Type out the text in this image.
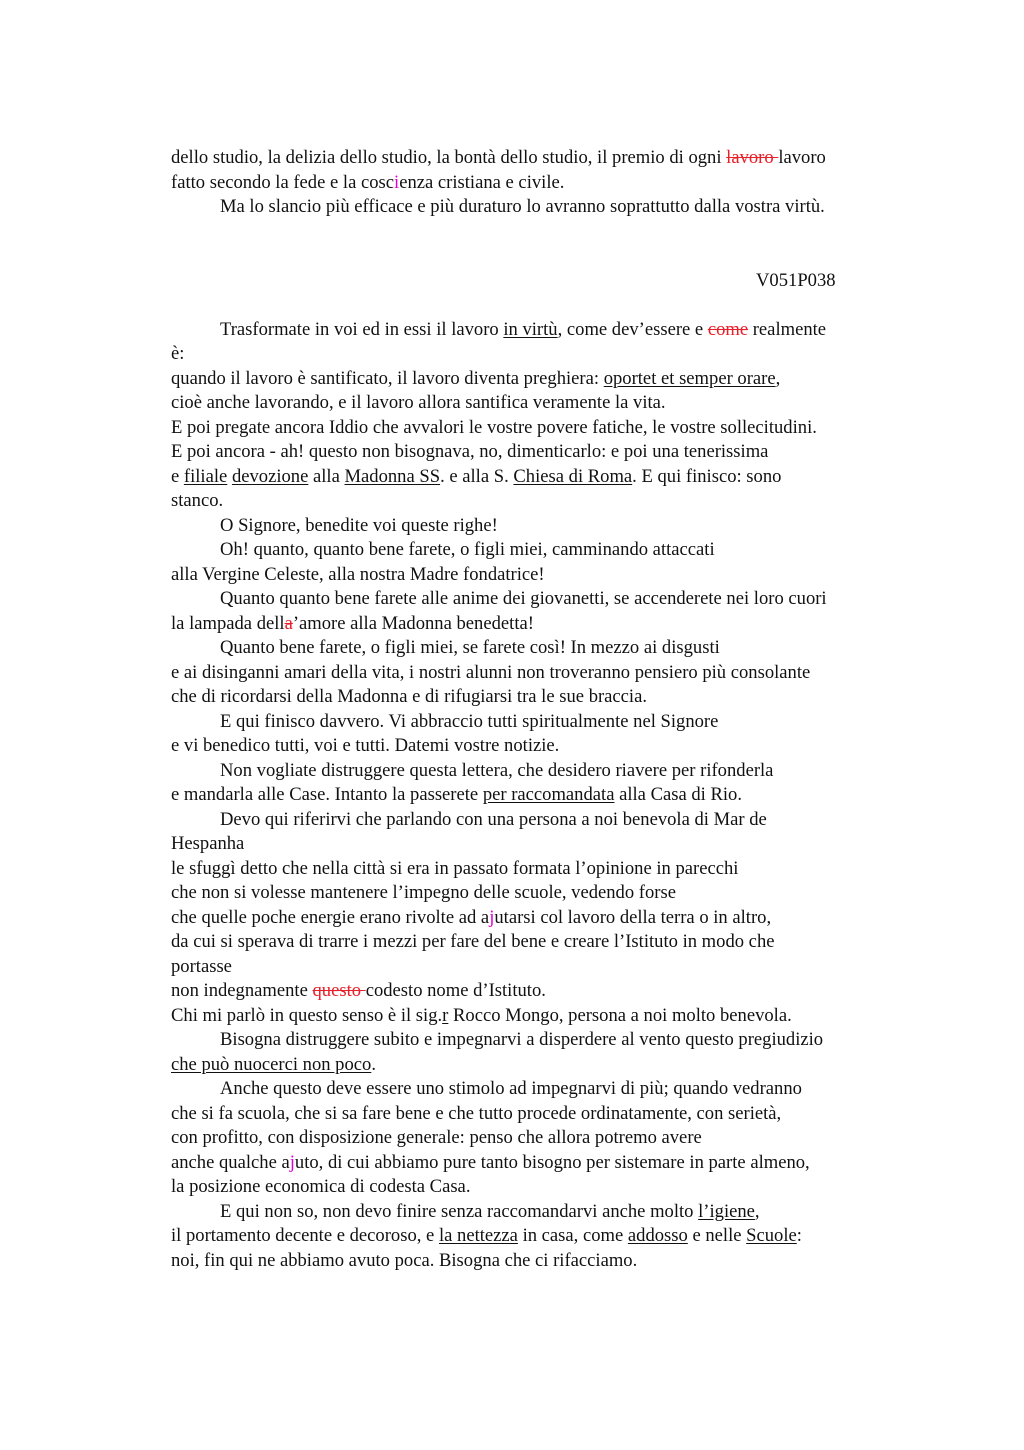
dello studio, la delizia dello studio, la bontà dello studio, il premio di ogni lavoro lavoro
fatto secondo la fede e la coscienza cristiana e civile.
Ma lo slancio più efficace e più duraturo lo avranno soprattutto dalla vostra virtù.
V051P038
Trasformate in voi ed in essi il lavoro in virtù, come dev’essere e come realmente
è:
quando il lavoro è santificato, il lavoro diventa preghiera: oportet et semper orare,
cioè anche lavorando, e il lavoro allora santifica veramente la vita.
E poi pregate ancora Iddio che avvalori le vostre povere fatiche, le vostre sollecitudini.
E poi ancora - ah! questo non bisognava, no, dimenticarlo: e poi una tenerissima
e filiale devozione alla Madonna SS. e alla S. Chiesa di Roma. E qui finisco: sono
stanco.
O Signore, benedite voi queste righe!
Oh! quanto, quanto bene farete, o figli miei, camminando attaccati
alla Vergine Celeste, alla nostra Madre fondatrice!
Quanto quanto bene farete alle anime dei giovanetti, se accenderete nei loro cuori
la lampada della’amore alla Madonna benedetta!
Quanto bene farete, o figli miei, se farete così! In mezzo ai disgusti
e ai disinganni amari della vita, i nostri alunni non troveranno pensiero più consolante
che di ricordarsi della Madonna e di rifugiarsi tra le sue braccia.
E qui finisco davvero. Vi abbraccio tutti spiritualmente nel Signore
e vi benedico tutti, voi e tutti. Datemi vostre notizie.
Non vogliate distruggere questa lettera, che desidero riavere per rifonderla
e mandarla alle Case. Intanto la passerete per raccomandata alla Casa di Rio.
Devo qui riferirvi che parlando con una persona a noi benevola di Mar de
Hespanha
le sfuggì detto che nella città si era in passato formata l’opinione in parecchi
che non si volesse mantenere l’impegno delle scuole, vedendo forse
che quelle poche energie erano rivolte ad ajutarsi col lavoro della terra o in altro,
da cui si sperava di trarre i mezzi per fare del bene e creare l’Istituto in modo che
portasse
non indegnamente questo codesto nome d’Istituto.
Chi mi parlò in questo senso è il sig.r Rocco Mongo, persona a noi molto benevola.
Bisogna distruggere subito e impegnarvi a disperdere al vento questo pregiudizio
che può nuocerci non poco.
Anche questo deve essere uno stimolo ad impegnarvi di più; quando vedranno
che si fa scuola, che si sa fare bene e che tutto procede ordinatamente, con serietà,
con profitto, con disposizione generale: penso che allora potremo avere
anche qualche ajuto, di cui abbiamo pure tanto bisogno per sistemare in parte almeno,
la posizione economica di codesta Casa.
E qui non so, non devo finire senza raccomandarvi anche molto l’igiene,
il portamento decente e decoroso, e la nettezza in casa, come addosso e nelle Scuole:
noi, fin qui ne abbiamo avuto poca. Bisogna che ci rifacciamo.
